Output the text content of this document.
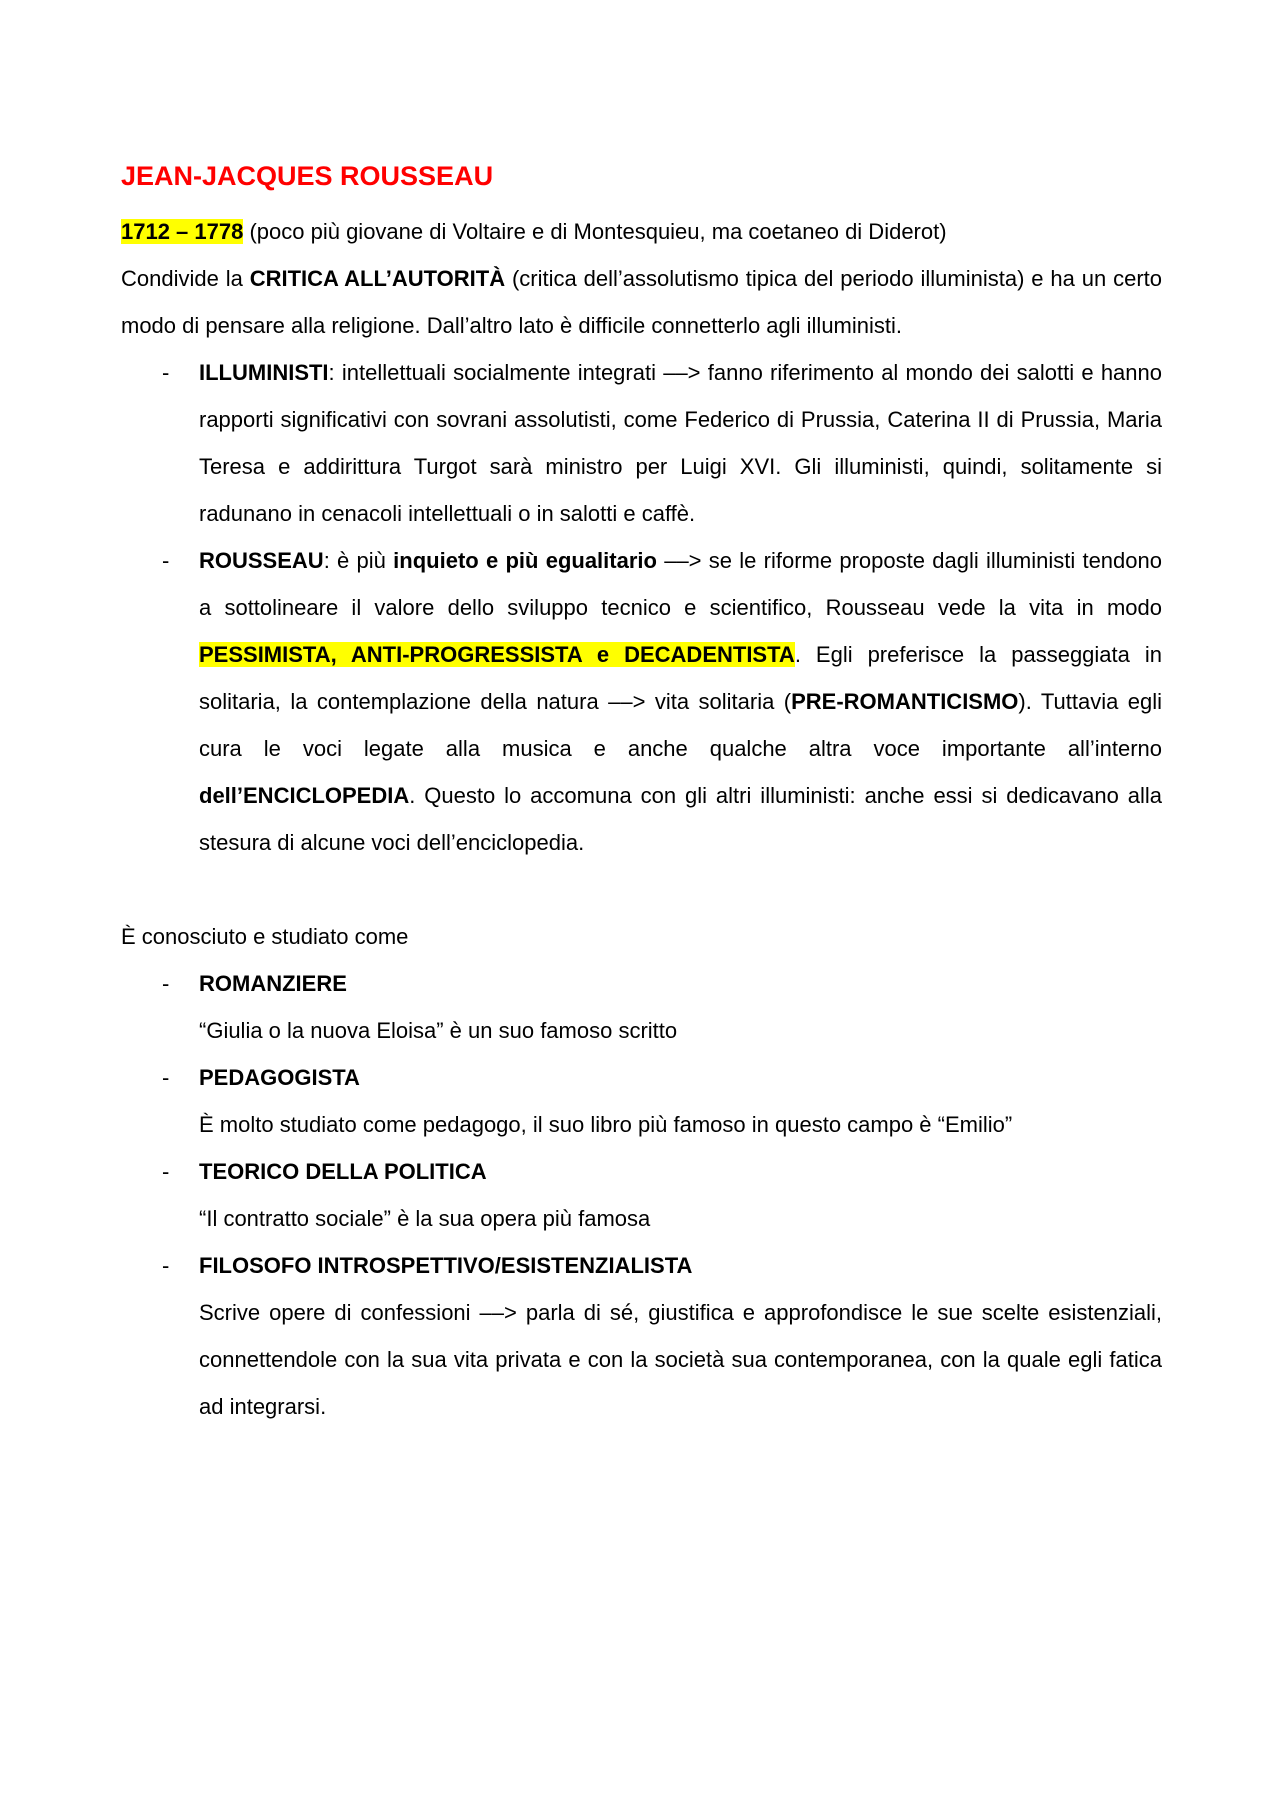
JEAN-JACQUES ROUSSEAU

1712 – 1778 (poco più giovane di Voltaire e di Montesquieu, ma coetaneo di Diderot)

Condivide la CRITICA ALL’AUTORITÀ (critica dell’assolutismo tipica del periodo illuminista) e ha un certo modo di pensare alla religione. Dall’altro lato è difficile connetterlo agli illuministi.

- ILLUMINISTI: intellettuali socialmente integrati ––> fanno riferimento al mondo dei salotti e hanno rapporti significativi con sovrani assolutisti, come Federico di Prussia, Caterina II di Prussia, Maria Teresa e addirittura Turgot sarà ministro per Luigi XVI. Gli illuministi, quindi, solitamente si radunano in cenacoli intellettuali o in salotti e caffè.
- ROUSSEAU: è più inquieto e più egualitario ––> se le riforme proposte dagli illuministi tendono a sottolineare il valore dello sviluppo tecnico e scientifico, Rousseau vede la vita in modo PESSIMISTA, ANTI-PROGRESSISTA e DECADENTISTA. Egli preferisce la passeggiata in solitaria, la contemplazione della natura ––> vita solitaria (PRE-ROMANTICISMO). Tuttavia egli cura le voci legate alla musica e anche qualche altra voce importante all’interno dell’ENCICLOPEDIA. Questo lo accomuna con gli altri illuministi: anche essi si dedicavano alla stesura di alcune voci dell’enciclopedia.

È conosciuto e studiato come

- ROMANZIERE
“Giulia o la nuova Eloisa” è un suo famoso scritto
- PEDAGOGISTA
È molto studiato come pedagogo, il suo libro più famoso in questo campo è “Emilio”
- TEORICO DELLA POLITICA
“Il contratto sociale” è la sua opera più famosa
- FILOSOFO INTROSPETTIVO/ESISTENZIALISTA
Scrive opere di confessioni ––> parla di sé, giustifica e approfondisce le sue scelte esistenziali, connettendole con la sua vita privata e con la società sua contemporanea, con la quale egli fatica ad integrarsi.
